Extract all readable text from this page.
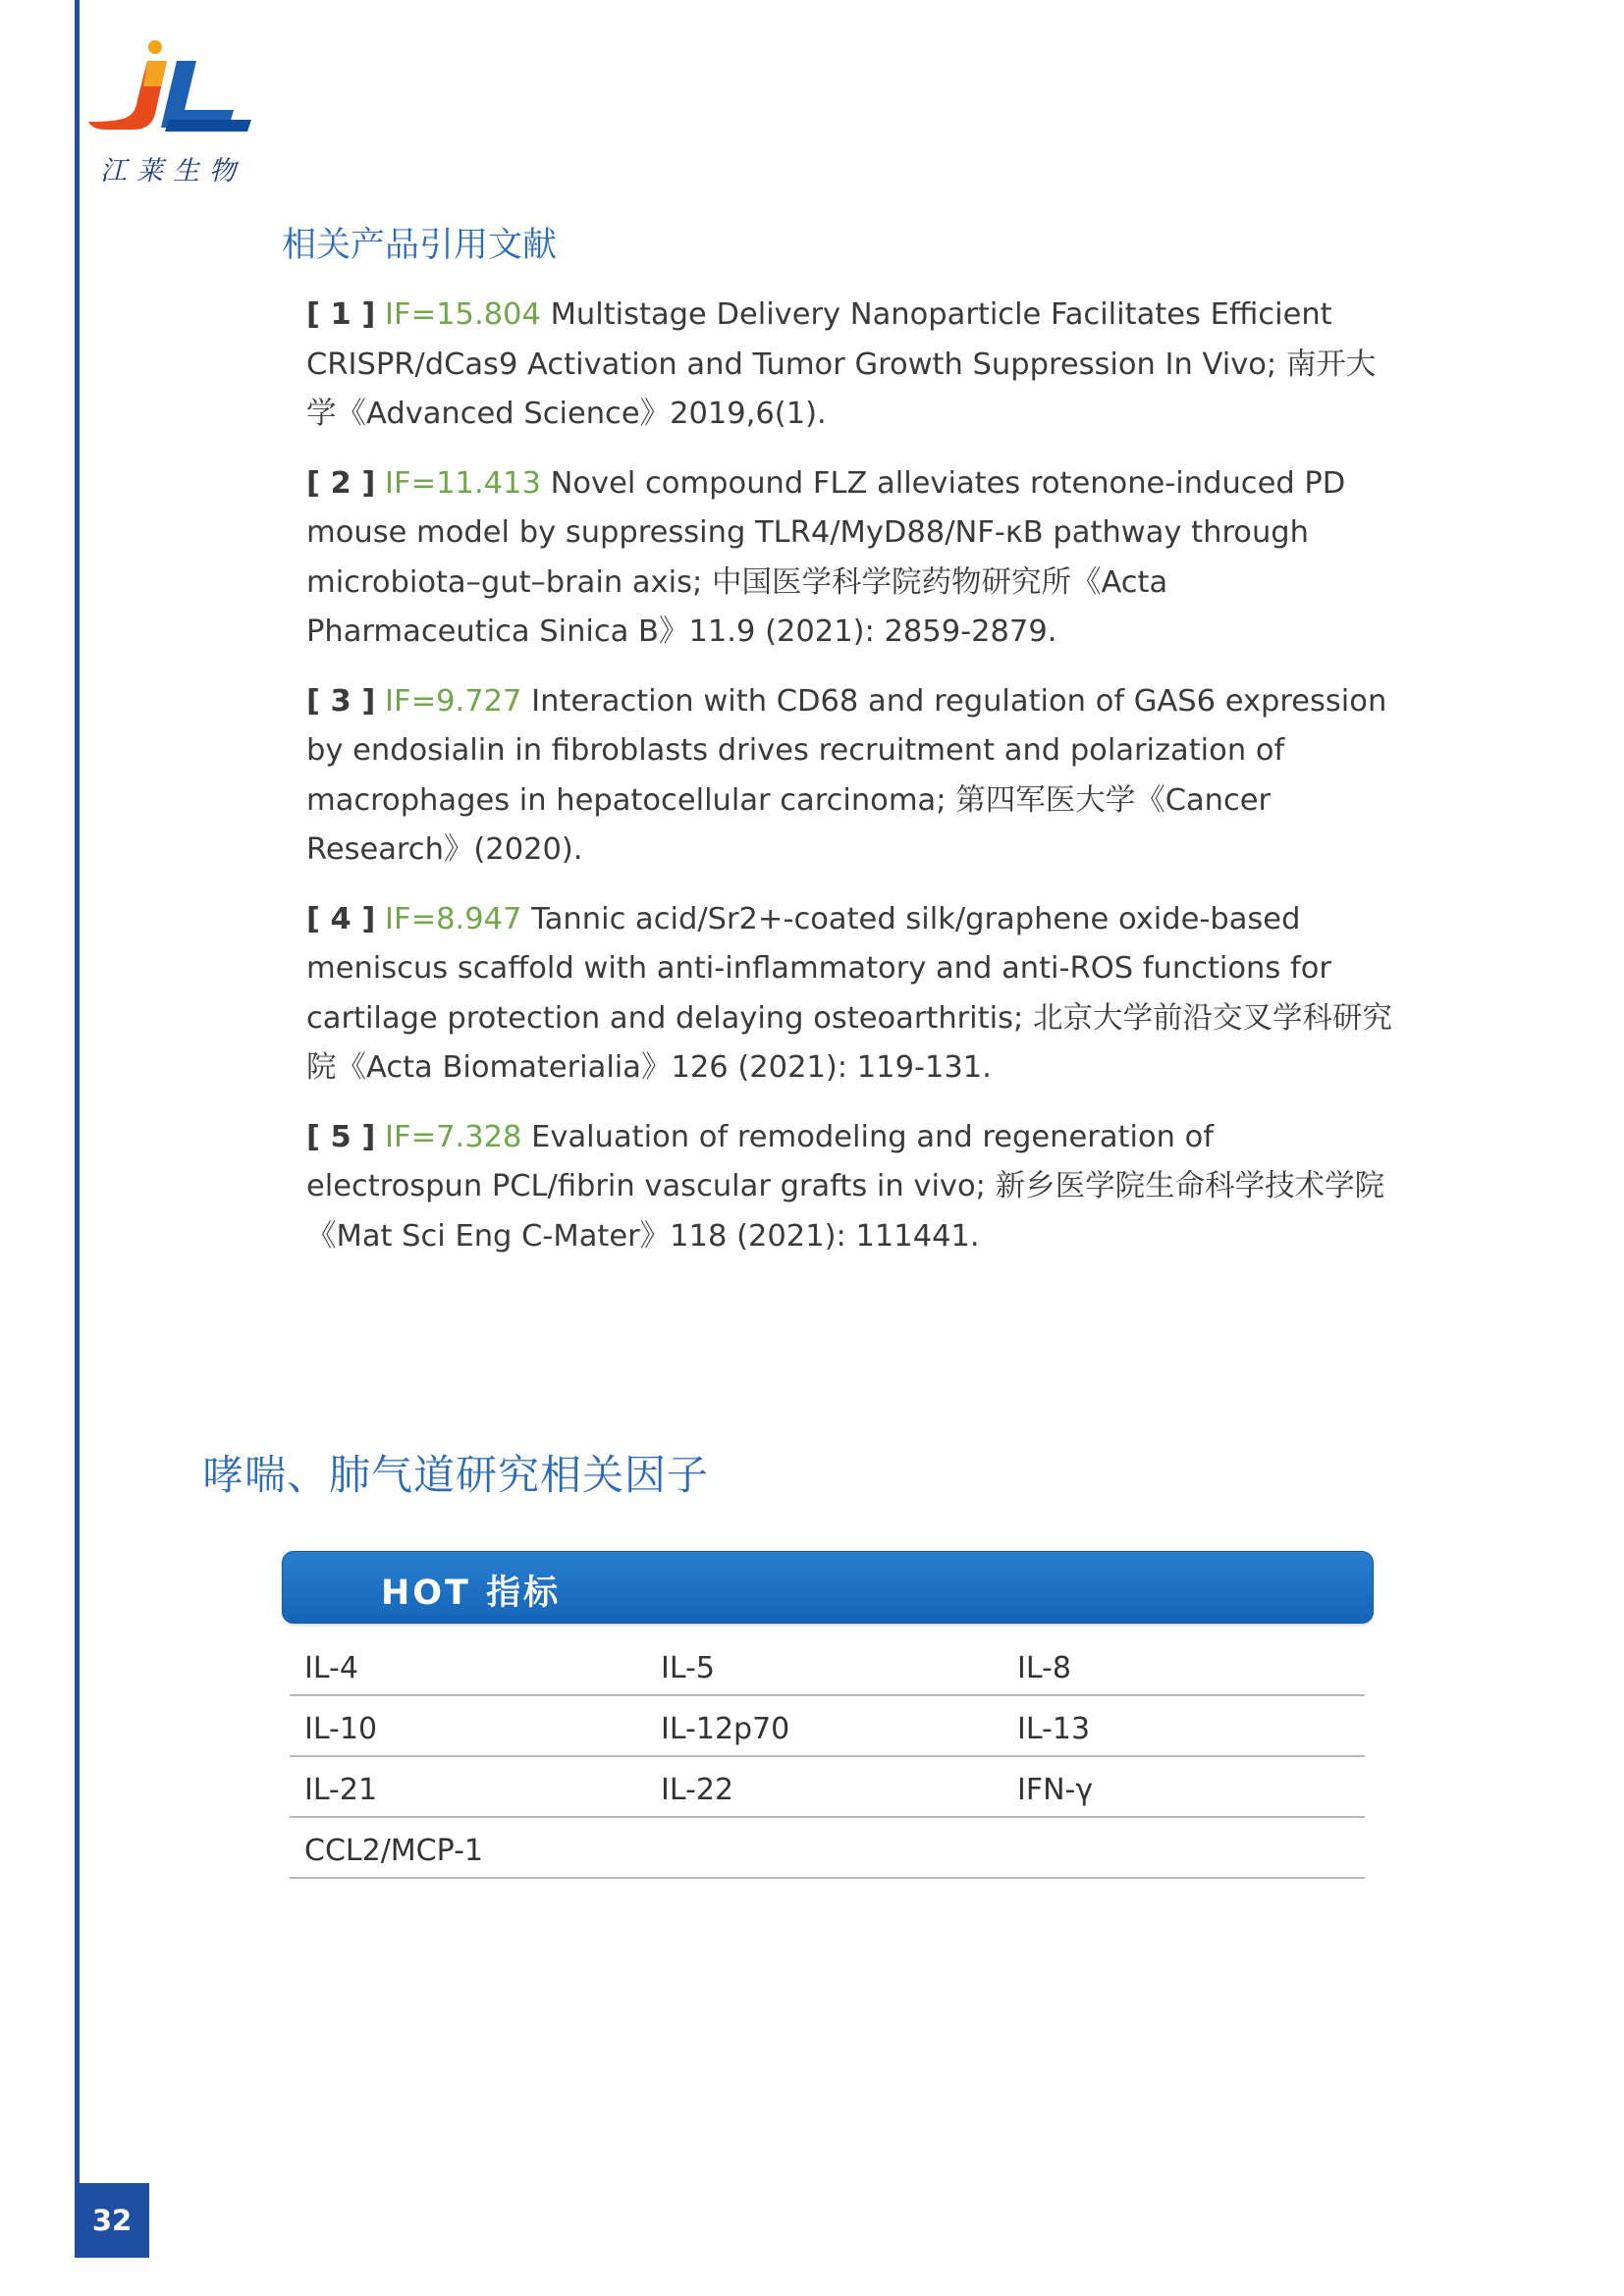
江莱生物
相关产品引用文献
[ 1 ] IF=15.804 Multistage Delivery Nanoparticle Facilitates Efficient CRISPR/dCas9 Activation and Tumor Growth Suppression In Vivo; 南开大学《Advanced Science》2019,6(1).
[ 2 ] IF=11.413 Novel compound FLZ alleviates rotenone-induced PD mouse model by suppressing TLR4/MyD88/NF-κB pathway through microbiota–gut–brain axis; 中国医学科学院药物研究所《Acta Pharmaceutica Sinica B》11.9 (2021): 2859-2879.
[ 3 ] IF=9.727 Interaction with CD68 and regulation of GAS6 expression by endosialin in fibroblasts drives recruitment and polarization of macrophages in hepatocellular carcinoma; 第四军医大学《Cancer Research》(2020).
[ 4 ] IF=8.947 Tannic acid/Sr2+-coated silk/graphene oxide-based meniscus scaffold with anti-inflammatory and anti-ROS functions for cartilage protection and delaying osteoarthritis; 北京大学前沿交叉学科研究院《Acta Biomaterialia》126 (2021): 119-131.
[ 5 ] IF=7.328 Evaluation of remodeling and regeneration of electrospun PCL/fibrin vascular grafts in vivo; 新乡医学院生命科学技术学院《Mat Sci Eng C-Mater》118 (2021): 111441.
哮喘、肺气道研究相关因子
HOT 指标
IL-4	IL-5	IL-8
IL-10	IL-12p70	IL-13
IL-21	IL-22	IFN-γ
CCL2/MCP-1
32
